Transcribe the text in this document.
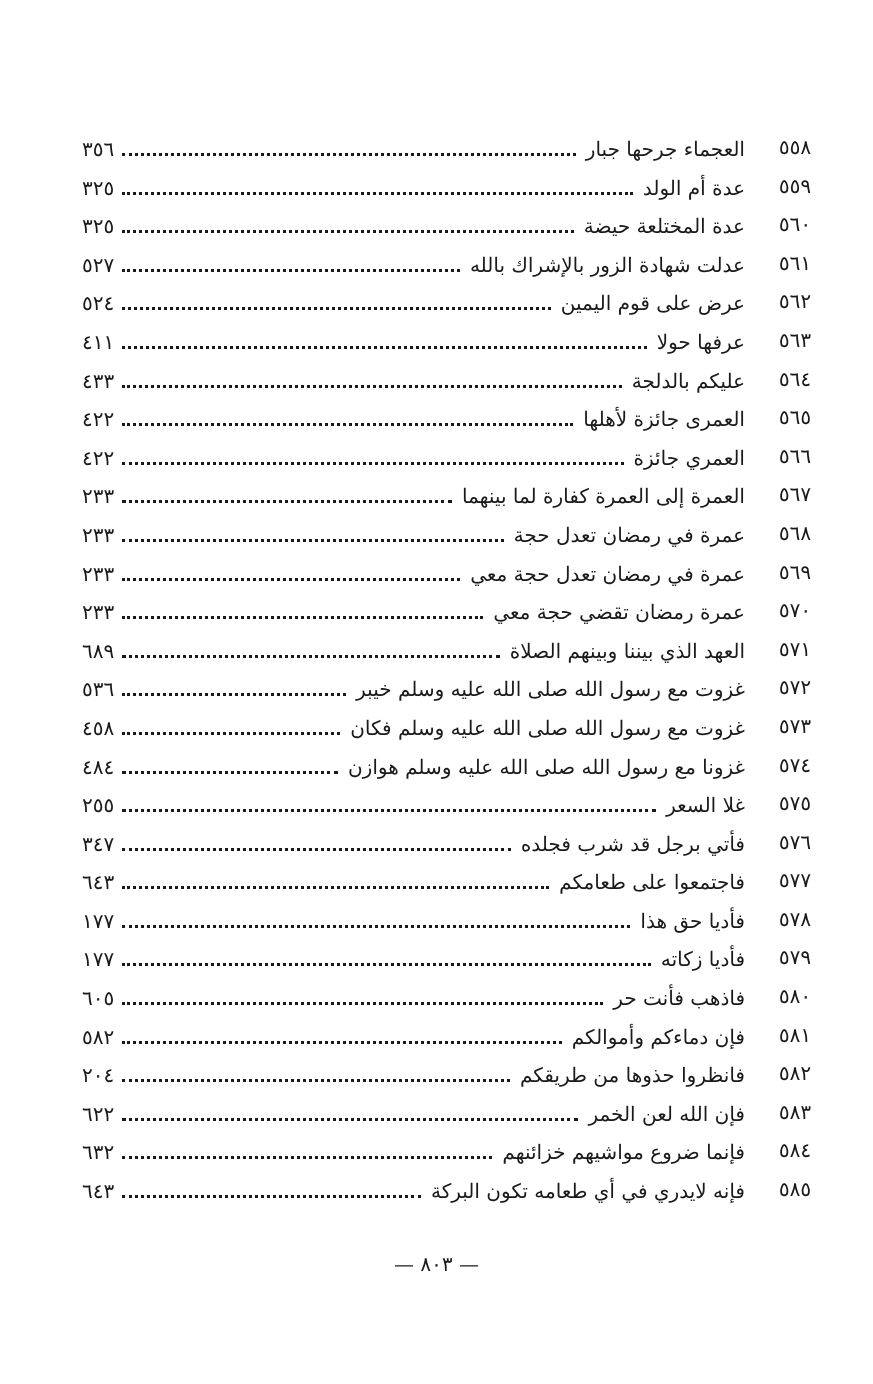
٥٥٨
العجماء جرحها جبار
٣٥٦
٥٥٩
عدة أم الولد
٣٢٥
٥٦٠
عدة المختلعة حيضة
٣٢٥
٥٦١
عدلت شهادة الزور بالإشراك بالله
٥٢٧
٥٦٢
عرض على قوم اليمين
٥٢٤
٥٦٣
عرفها حولا
٤١١
٥٦٤
عليكم بالدلجة
٤٣٣
٥٦٥
العمرى جائزة لأهلها
٤٢٢
٥٦٦
العمري جائزة
٤٢٢
٥٦٧
العمرة إلى العمرة كفارة لما بينهما
٢٣٣
٥٦٨
عمرة في رمضان تعدل حجة
٢٣٣
٥٦٩
عمرة في رمضان تعدل حجة معي
٢٣٣
٥٧٠
عمرة رمضان تقضي حجة معي
٢٣٣
٥٧١
العهد الذي بيننا وبينهم الصلاة
٦٨٩
٥٧٢
غزوت مع رسول الله صلى الله عليه وسلم خيبر
٥٣٦
٥٧٣
غزوت مع رسول الله صلى الله عليه وسلم فكان
٤٥٨
٥٧٤
غزونا مع رسول الله صلى الله عليه وسلم هوازن
٤٨٤
٥٧٥
غلا السعر
٢٥٥
٥٧٦
فأتي برجل قد شرب فجلده
٣٤٧
٥٧٧
فاجتمعوا على طعامكم
٦٤٣
٥٧٨
فأديا حق هذا
١٧٧
٥٧٩
فأديا زكاته
١٧٧
٥٨٠
فاذهب فأنت حر
٦٠٥
٥٨١
فإن دماءكم وأموالكم
٥٨٢
٥٨٢
فانظروا حذوها من طريقكم
٢٠٤
٥٨٣
فإن الله لعن الخمر
٦٢٢
٥٨٤
فإنما ضروع مواشيهم خزائنهم
٦٣٢
٥٨٥
فإنه لايدري في أي طعامه تكون البركة
٦٤٣
— ٨٠٣ —
